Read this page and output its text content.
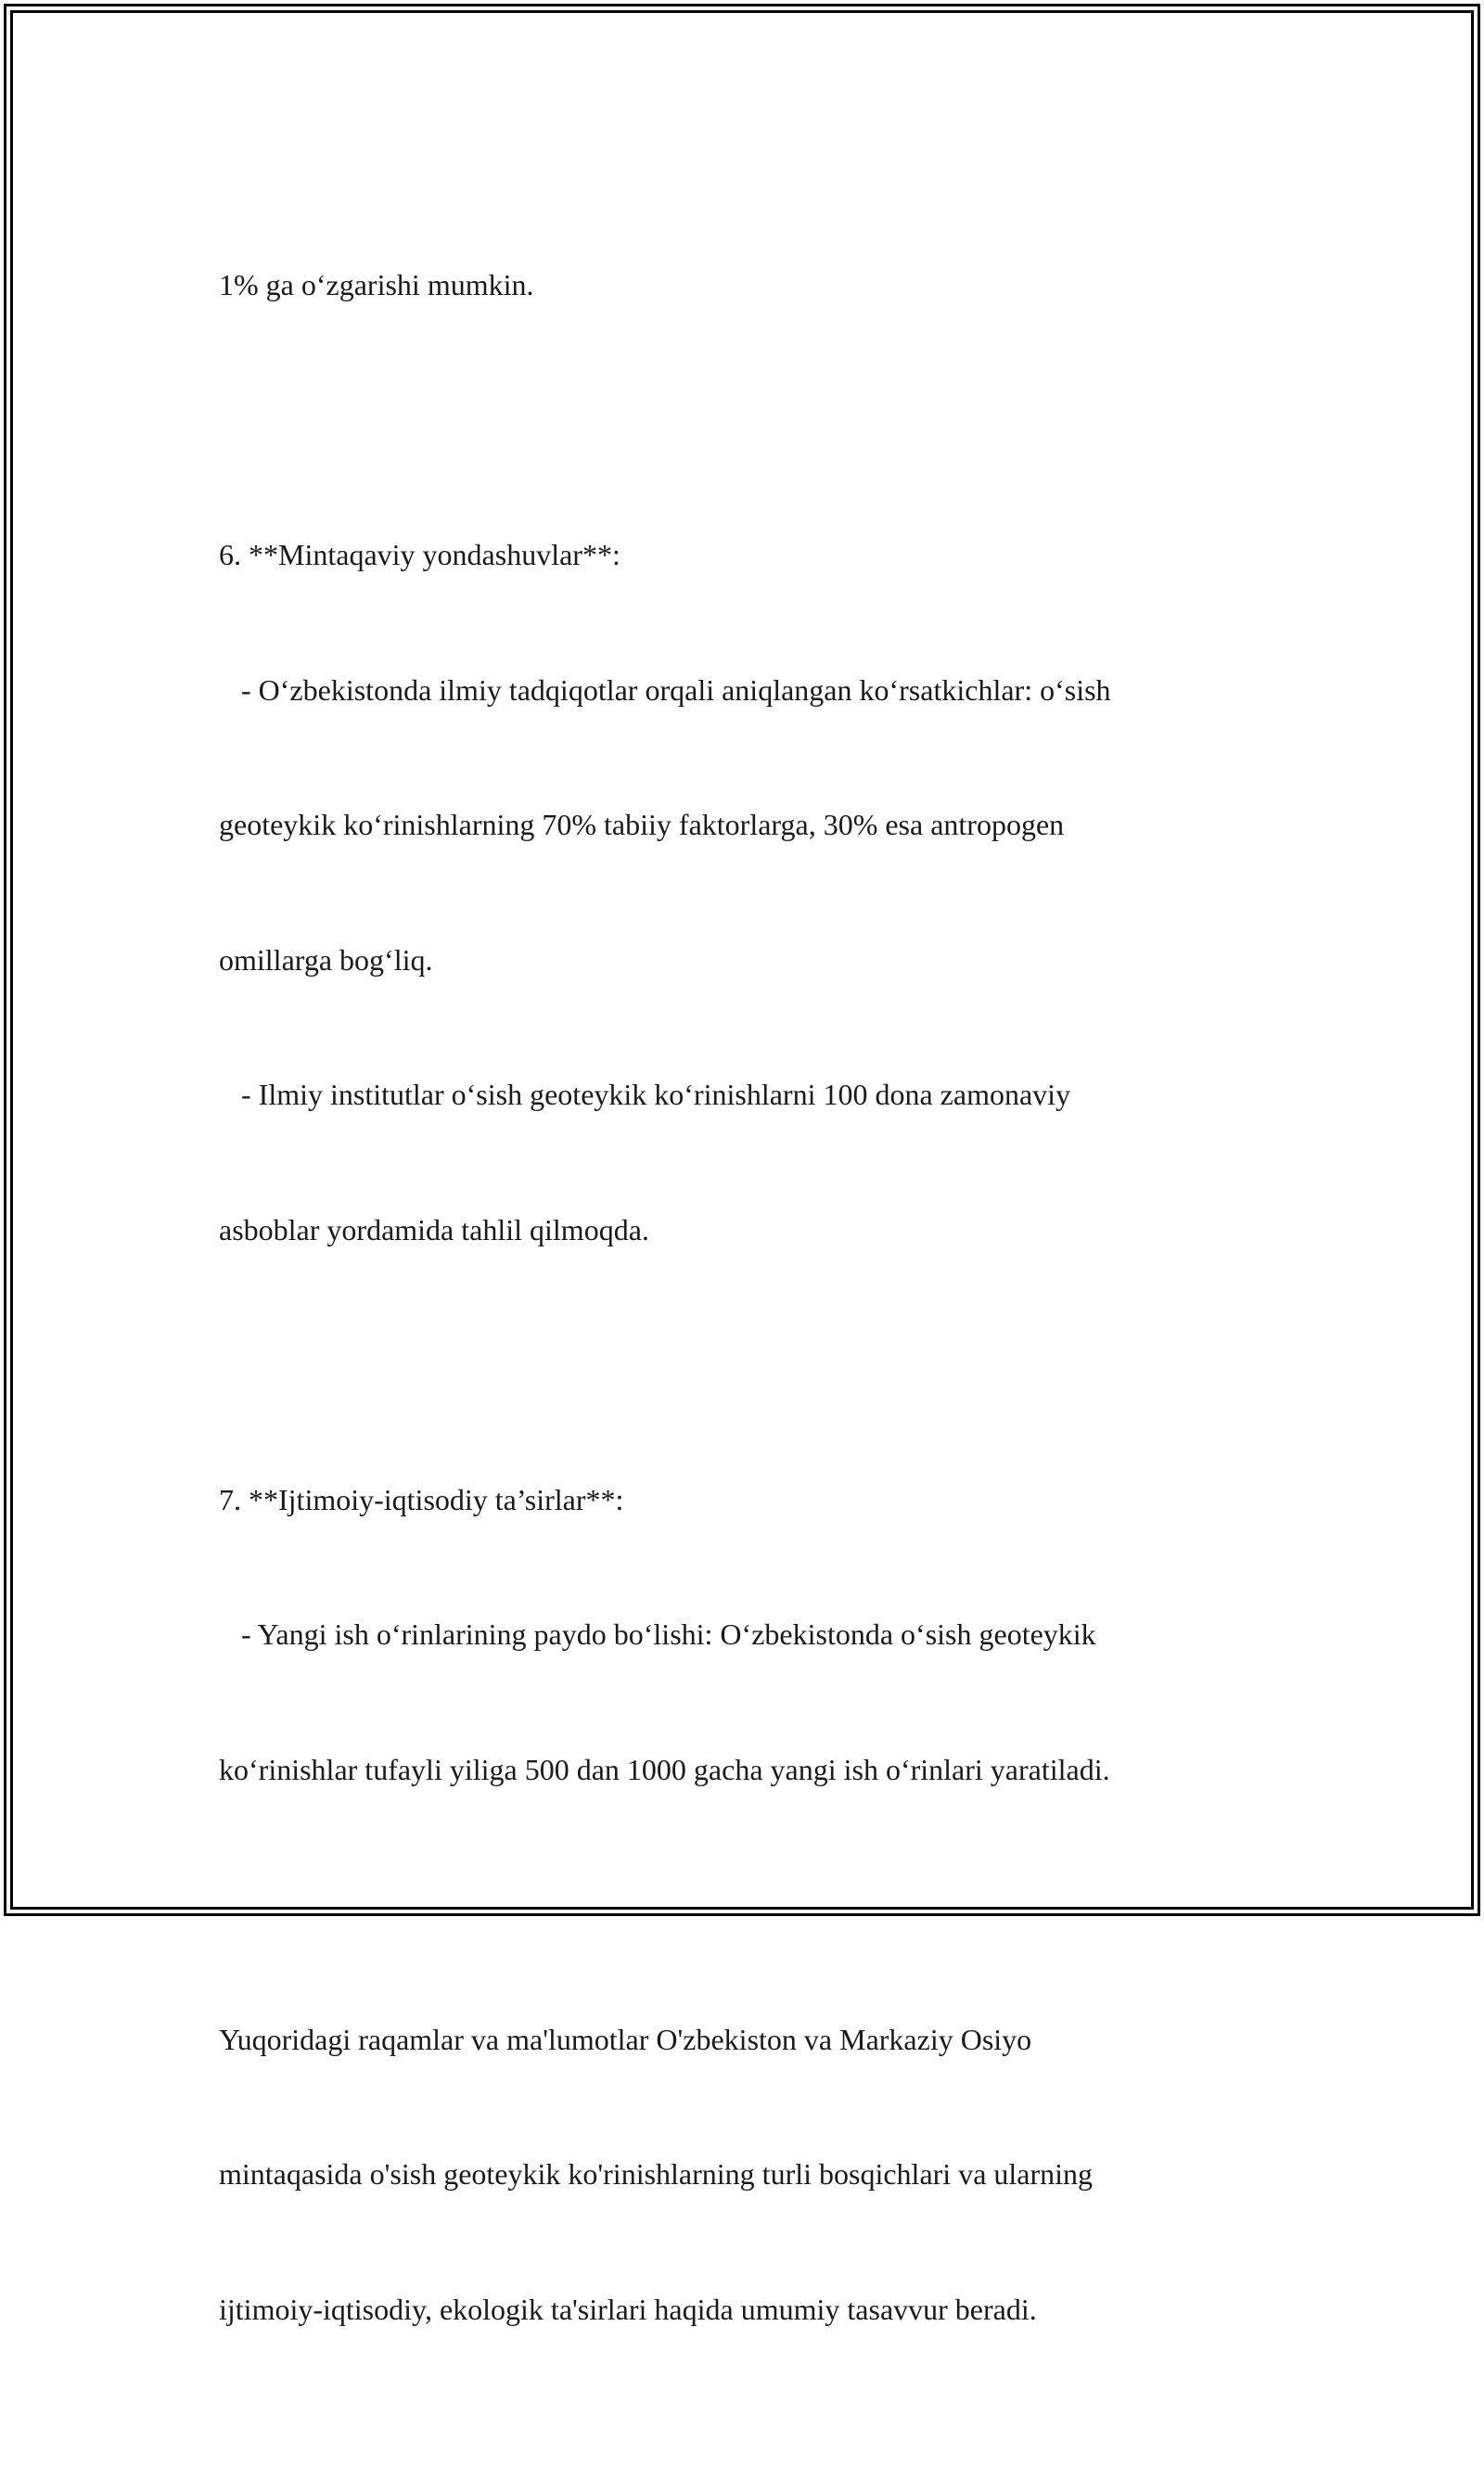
1% ga o‘zgarishi mumkin.

6. **Mintaqaviy yondashuvlar**:

- O‘zbekistonda ilmiy tadqiqotlar orqali aniqlangan ko‘rsatkichlar: o‘sish

geoteykik ko‘rinishlarning 70% tabiiy faktorlarga, 30% esa antropogen

omillarga bog‘liq.

- Ilmiy institutlar o‘sish geoteykik ko‘rinishlarni 100 dona zamonaviy

asboblar yordamida tahlil qilmoqda.

7. **Ijtimoiy-iqtisodiy ta’sirlar**:

- Yangi ish o‘rinlarining paydo bo‘lishi: O‘zbekistonda o‘sish geoteykik

ko‘rinishlar tufayli yiliga 500 dan 1000 gacha yangi ish o‘rinlari yaratiladi.

Yuqoridagi raqamlar va ma'lumotlar O'zbekiston va Markaziy Osiyo

mintaqasida o'sish geoteykik ko'rinishlarning turli bosqichlari va ularning

ijtimoiy-iqtisodiy, ekologik ta'sirlari haqida umumiy tasavvur beradi.
